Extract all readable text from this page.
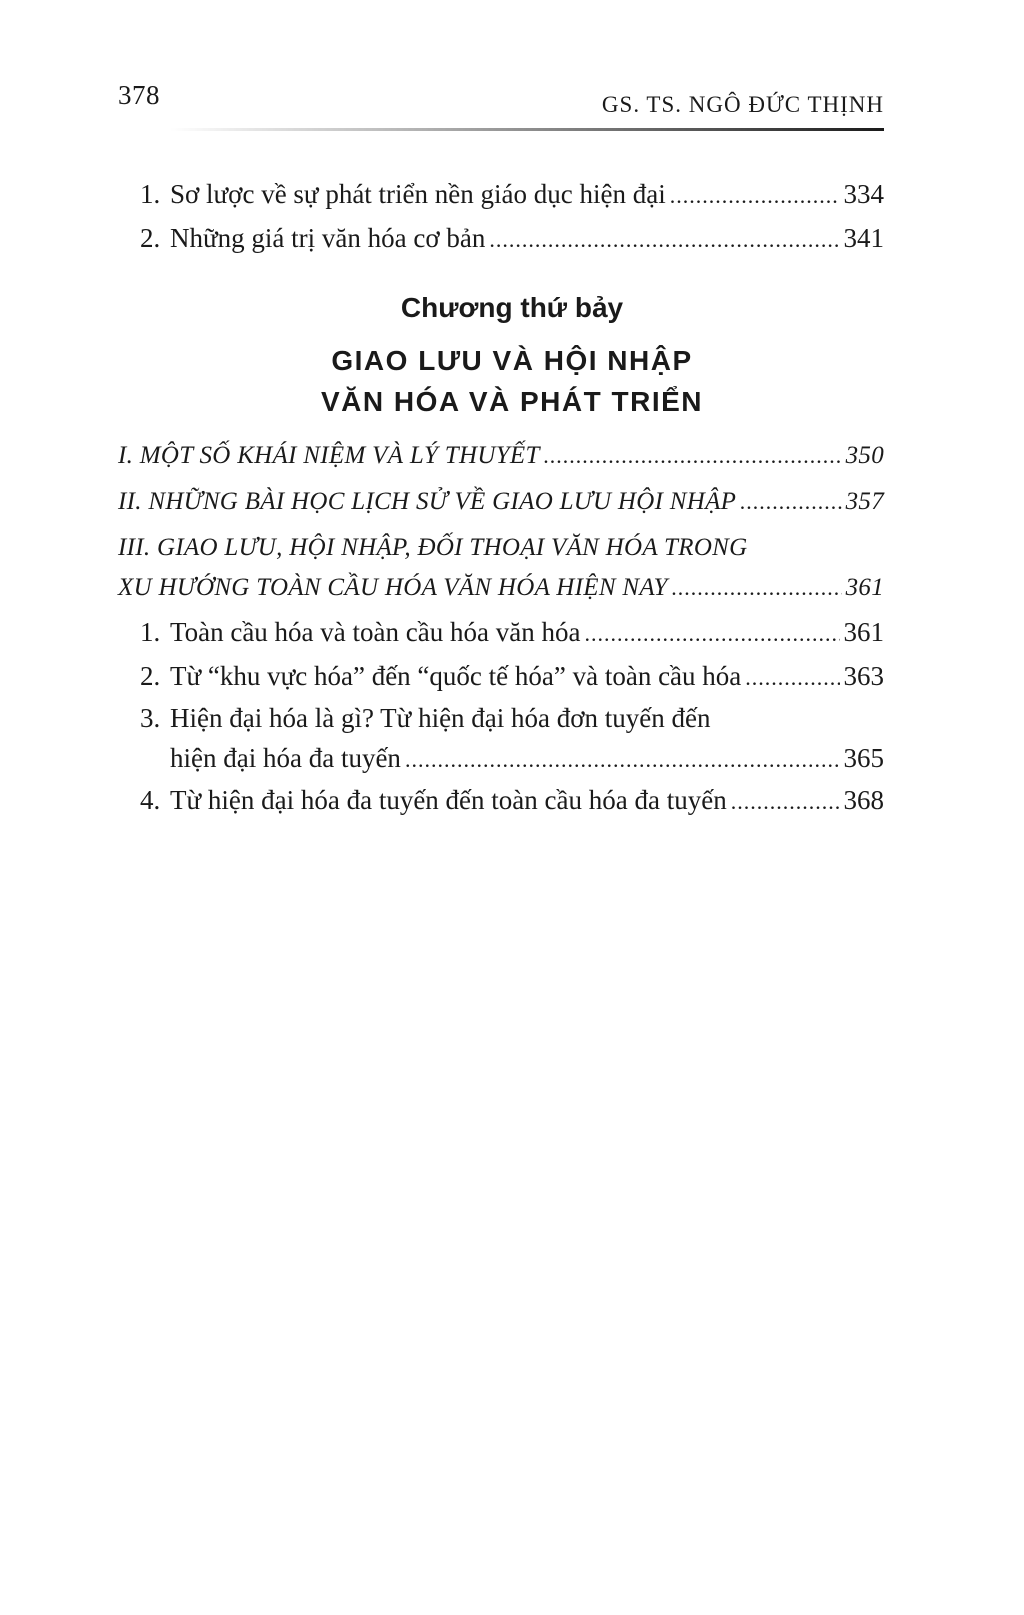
378	GS. TS. NGÔ ĐỨC THỊNH
1. Sơ lược về sự phát triển nền giáo dục hiện đại .....	334
2. Những giá trị văn hóa cơ bản .....	341
Chương thứ bảy
GIAO LƯU VÀ HỘI NHẬP
VĂN HÓA VÀ PHÁT TRIỂN
I. MỘT SỐ KHÁI NIỆM VÀ LÝ THUYẾT .....	350
II. NHỮNG BÀI HỌC LỊCH SỬ VỀ GIAO LƯU HỘI NHẬP .....	357
III. GIAO LƯU, HỘI NHẬP, ĐỐI THOẠI VĂN HÓA TRONG
XU HƯỚNG TOÀN CẦU HÓA VĂN HÓA HIỆN NAY .....	361
1. Toàn cầu hóa và toàn cầu hóa văn hóa .....	361
2. Từ “khu vực hóa” đến “quốc tế hóa” và toàn cầu hóa .....	363
3. Hiện đại hóa là gì? Từ hiện đại hóa đơn tuyến đến
hiện đại hóa đa tuyến .....	365
4. Từ hiện đại hóa đa tuyến đến toàn cầu hóa đa tuyến .....	368
